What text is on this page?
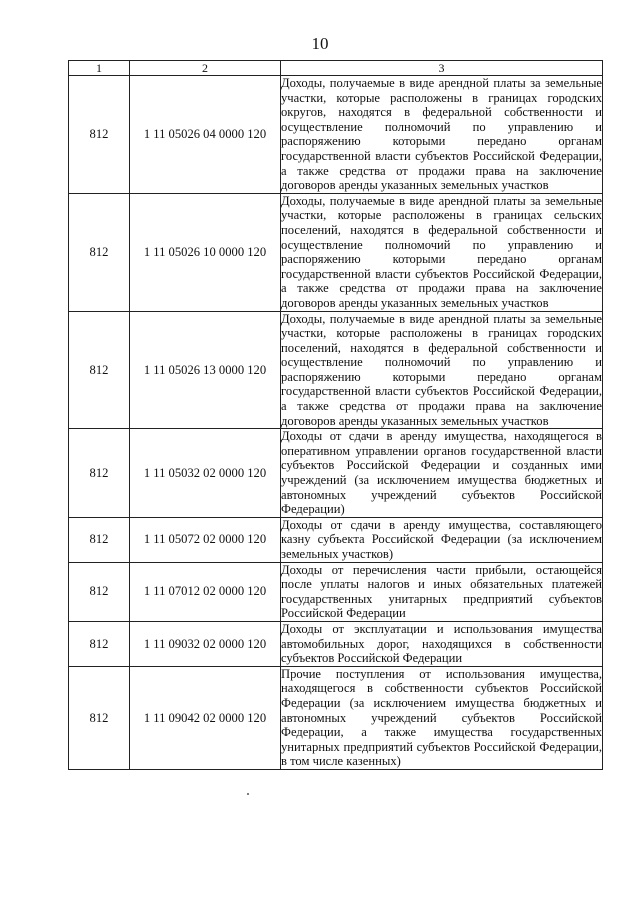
10
1	2	3
812	1 11 05026 04 0000 120	Доходы, получаемые в виде арендной платы за земельные участки, которые расположены в границах городских округов, находятся в федеральной собственности и осуществление полномочий по управлению и распоряжению которыми передано органам государственной власти субъектов Российской Федерации, а также средства от продажи права на заключение договоров аренды указанных земельных участков
812	1 11 05026 10 0000 120	Доходы, получаемые в виде арендной платы за земельные участки, которые расположены в границах сельских поселений, находятся в федеральной собственности и осуществление полномочий по управлению и распоряжению которыми передано органам государственной власти субъектов Российской Федерации, а также средства от продажи права на заключение договоров аренды указанных земельных участков
812	1 11 05026 13 0000 120	Доходы, получаемые в виде арендной платы за земельные участки, которые расположены в границах городских поселений, находятся в федеральной собственности и осуществление полномочий по управлению и распоряжению которыми передано органам государственной власти субъектов Российской Федерации, а также средства от продажи права на заключение договоров аренды указанных земельных участков
812	1 11 05032 02 0000 120	Доходы от сдачи в аренду имущества, находящегося в оперативном управлении органов государственной власти субъектов Российской Федерации и созданных ими учреждений (за исключением имущества бюджетных и автономных учреждений субъектов Российской Федерации)
812	1 11 05072 02 0000 120	Доходы от сдачи в аренду имущества, составляющего казну субъекта Российской Федерации (за исключением земельных участков)
812	1 11 07012 02 0000 120	Доходы от перечисления части прибыли, остающейся после уплаты налогов и иных обязательных платежей государственных унитарных предприятий субъектов Российской Федерации
812	1 11 09032 02 0000 120	Доходы от эксплуатации и использования имущества автомобильных дорог, находящихся в собственности субъектов Российской Федерации
812	1 11 09042 02 0000 120	Прочие поступления от использования имущества, находящегося в собственности субъектов Российской Федерации (за исключением имущества бюджетных и автономных учреждений субъектов Российской Федерации, а также имущества государственных унитарных предприятий субъектов Российской Федерации, в том числе казенных)
